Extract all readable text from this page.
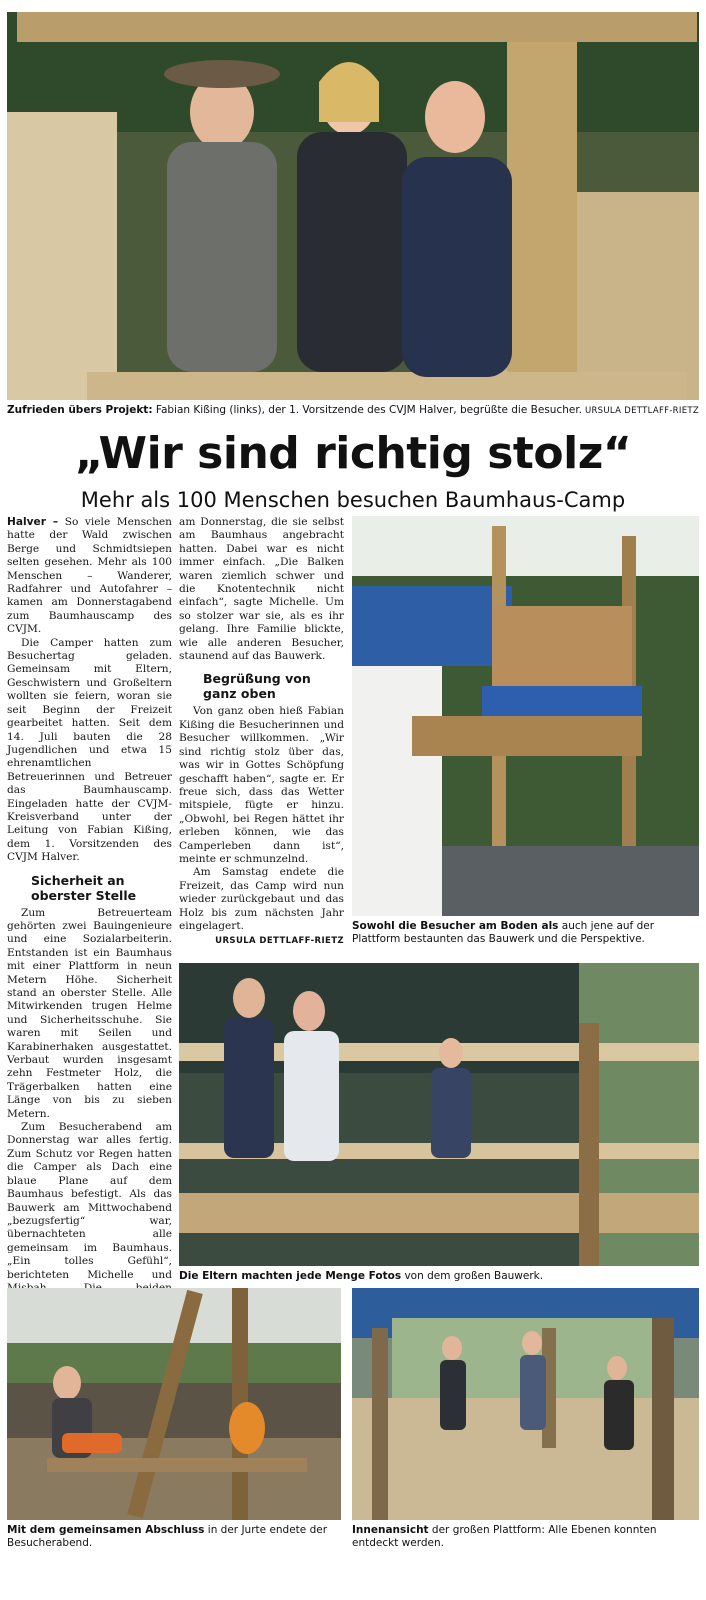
Zufrieden übers Projekt: Fabian Kißing (links), der 1. Vorsitzende des CVJM Halver, begrüßte die Besucher. URSULA DETTLAFF-RIETZ
„Wir sind richtig stolz“
Mehr als 100 Menschen besuchen Baumhaus-Camp

Halver – So viele Menschen hatte der Wald zwischen Berge und Schmidtsiepen selten gesehen. Mehr als 100 Menschen – Wanderer, Radfahrer und Autofahrer – kamen am Donnerstagabend zum Baumhauscamp des CVJM.

Die Camper hatten zum Besuchertag geladen. Gemeinsam mit Eltern, Geschwistern und Großeltern wollten sie feiern, woran sie seit Beginn der Freizeit gearbeitet hatten. Seit dem 14. Juli bauten die 28 Jugendlichen und etwa 15 ehrenamtlichen Betreuerinnen und Betreuer das Baumhauscamp. Eingeladen hatte der CVJM-Kreisverband unter der Leitung von Fabian Kißing, dem 1. Vorsitzenden des CVJM Halver.

Sicherheit an oberster Stelle

Zum Betreuerteam gehörten zwei Bauingenieure und eine Sozialarbeiterin. Entstanden ist ein Baumhaus mit einer Plattform in neun Metern Höhe. Sicherheit stand an oberster Stelle. Alle Mitwirkenden trugen Helme und Sicherheitsschuhe. Sie waren mit Seilen und Karabinerhaken ausgestattet. Verbaut wurden insgesamt zehn Festmeter Holz, die Trägerbalken hatten eine Länge von bis zu sieben Metern.

Zum Besucherabend am Donnerstag war alles fertig. Zum Schutz vor Regen hatten die Camper als Dach eine blaue Plane auf dem Baumhaus befestigt. Als das Bauwerk am Mittwochabend „bezugsfertig“ war, übernachteten alle gemeinsam im Baumhaus. „Ein tolles Gefühl“, berichteten Michelle und

am Donnerstag, die sie selbst am Baumhaus angebracht hatten. Dabei war es nicht immer einfach. „Die Balken waren ziemlich schwer und die Knotentechnik nicht einfach“, sagte Michelle. Um so stolzer war sie, als es ihr gelang. Ihre Familie blickte, wie alle anderen Besucher, staunend auf das Bauwerk.

Begrüßung von ganz oben

Von ganz oben hieß Fabian Kißing die Besucherinnen und Besucher willkommen. „Wir sind richtig stolz über das, was wir in Gottes Schöpfung geschafft haben“, sagte er. Er freue sich, dass das Wetter mitspiele, fügte er hinzu. „Obwohl, bei Regen hättet ihr erleben können, wie das Camperleben dann ist“, meinte er schmunzelnd.

Am Samstag endete die Freizeit, das Camp wird nun wieder zurückgebaut und das Holz bis zum nächsten Jahr eingelagert.

URSULA DETTLAFF-RIETZ
Sowohl die Besucher am Boden als auch jene auf der Plattform bestaunten das Bauwerk und die Perspektive.
Die Eltern machten jede Menge Fotos von dem großen Bauwerk.
Mit dem gemeinsamen Abschluss in der Jurte endete der Besucherabend.
Innenansicht der großen Plattform: Alle Ebenen konnten entdeckt werden.
